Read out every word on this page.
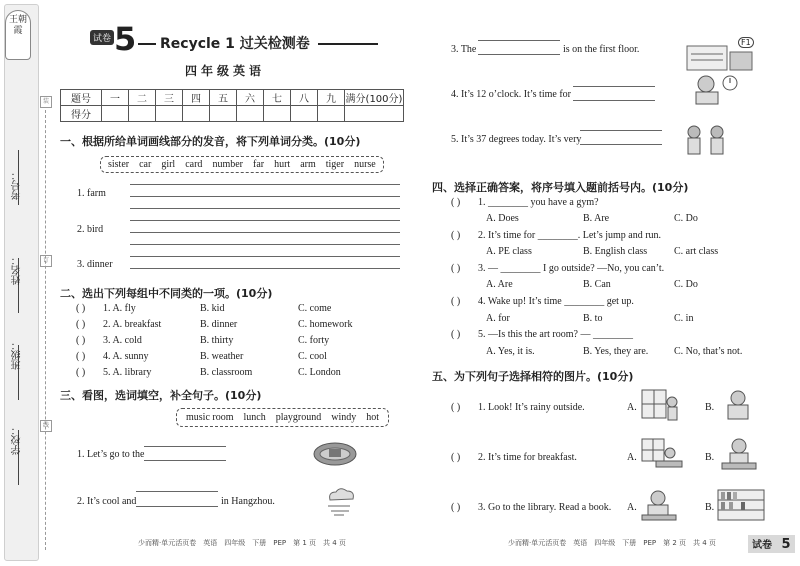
王朝霞
考号：
姓名：
班级：
学校：
装
订
线
试卷 5 Recycle 1 过关检测卷
四年级英语
题号	一	二	三	四	五	六	七	八	九	满分(100分)
得分										
一、根据所给单词画线部分的发音，将下列单词分类。(10分)
sister car girl card number far hurt arm tiger nurse
1. farm
2. bird
3. dinner
二、选出下列每组中不同类的一项。(10分)
( ) 1. A. fly	B. kid	C. come
( ) 2. A. breakfast	B. dinner	C. homework
( ) 3. A. cold	B. thirty	C. forty
( ) 4. A. sunny	B. weather	C. cool
( ) 5. A. library	B. classroom	C. London
三、看图，选词填空，补全句子。(10分)
music room lunch playground windy hot
1. Let’s go to the
2. It’s cool and	in Hangzhou.
3. The	is on the first floor.
F1
4. It’s 12 o’clock. It’s time for
5. It’s 37 degrees today. It’s very
四、选择正确答案，将序号填入题前括号内。(10分)
( ) 1. ________ you have a gym?
A. Does	B. Are	C. Do
( ) 2. It’s time for ________. Let’s jump and run.
A. PE class	B. English class	C. art class
( ) 3. — ________ I go outside? —No, you can’t.
A. Are	B. Can	C. Do
( ) 4. Wake up! It’s time ________ get up.
A. for	B. to	C. in
( ) 5. —Is this the art room? — ________
A. Yes, it is.	B. Yes, they are.	C. No, that’s not.
五、为下列句子选择相符的图片。(10分)
( ) 1. Look! It’s rainy outside.	A.	B.
( ) 2. It’s time for breakfast.	A.	B.
( ) 3. Go to the library. Read a book. A.	B.
少而精·单元活页卷　英语　四年级　下册　PEP　第 1 页　共 4 页	少而精·单元活页卷　英语　四年级　下册　PEP　第 2 页　共 4 页	试卷 5
